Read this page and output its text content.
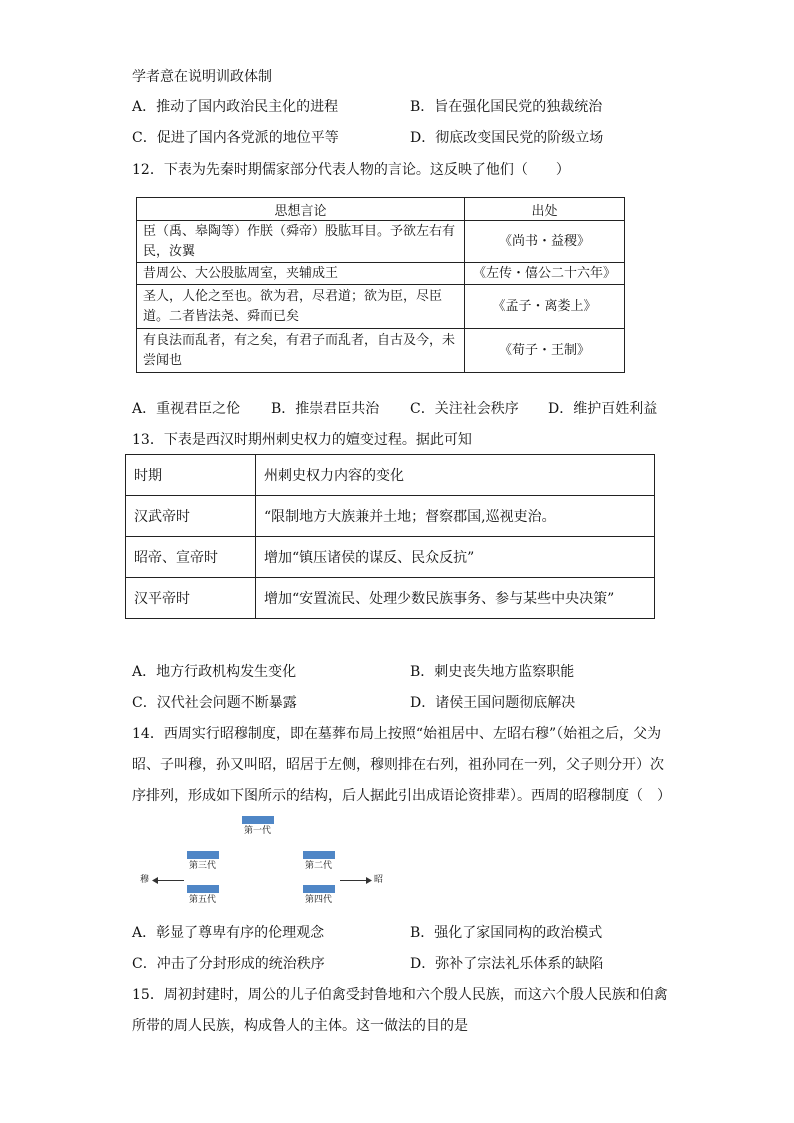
学者意在说明训政体制
A．推动了国内政治民主化的进程	B．旨在强化国民党的独裁统治
C．促进了国内各党派的地位平等	D．彻底改变国民党的阶级立场
12．下表为先秦时期儒家部分代表人物的言论。这反映了他们（　　）
思想言论	出处
臣（禹、皋陶等）作朕（舜帝）股肱耳目。予欲左右有民，汝翼	《尚书・益稷》
昔周公、大公股肱周室，夹辅成王	《左传・僖公二十六年》
圣人，人伦之至也。欲为君，尽君道；欲为臣，尽臣道。二者皆法尧、舜而已矣	《孟子・离娄上》
有良法而乱者，有之矣，有君子而乱者，自古及今，未尝闻也	《荀子・王制》
A．重视君臣之伦 B．推崇君臣共治 C．关注社会秩序 D．维护百姓利益
13．下表是西汉时期州刺史权力的嬗变过程。据此可知
时期	州刺史权力内容的变化
汉武帝时	“限制地方大族兼并土地；督察郡国,巡视吏治。
昭帝、宣帝时	增加“镇压诸侯的谋反、民众反抗”
汉平帝时	增加“安置流民、处理少数民族事务、参与某些中央决策”
A．地方行政机构发生变化	B．刺史丧失地方监察职能
C．汉代社会问题不断暴露	D．诸侯王国问题彻底解决
14．西周实行昭穆制度，即在墓葬布局上按照“始祖居中、左昭右穆”（始祖之后，父为
昭、子叫穆，孙又叫昭，昭居于左侧，穆则排在右列，祖孙同在一列，父子则分开）次
序排列，形成如下图所示的结构，后人据此引出成语论资排辈）。西周的昭穆制度（　）
第一代
第三代	第二代
第五代	第四代
穆	昭
A．彰显了尊卑有序的伦理观念	B．强化了家国同构的政治模式
C．冲击了分封形成的统治秩序	D．弥补了宗法礼乐体系的缺陷
15．周初封建时，周公的儿子伯禽受封鲁地和六个殷人民族，而这六个殷人民族和伯禽
所带的周人民族，构成鲁人的主体。这一做法的目的是
